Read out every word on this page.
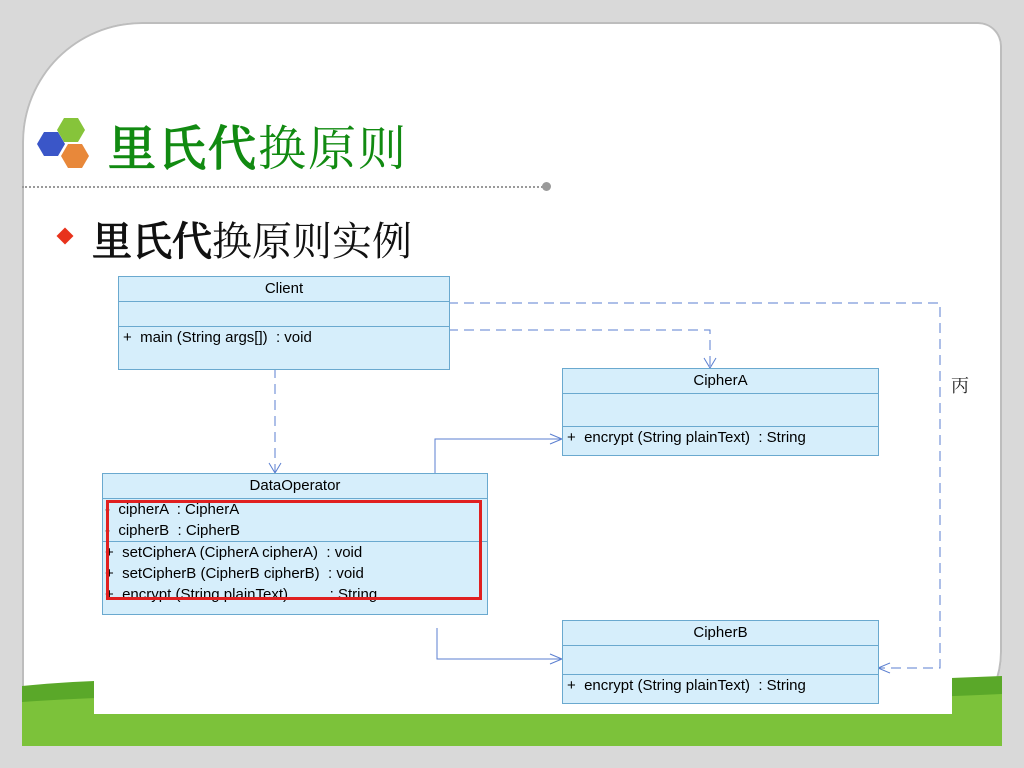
里氏代换原则
里氏代换原则实例
Client
+  main (String args[])  : void
CipherA
+  encrypt (String plainText)  : String
DataOperator
-  cipherA  : CipherA
-  cipherB  : CipherB
+  setCipherA (CipherA cipherA)  : void
+  setCipherB (CipherB cipherB)  : void
+  encrypt (String plainText)          : String
CipherB
+  encrypt (String plainText)  : String
丙
